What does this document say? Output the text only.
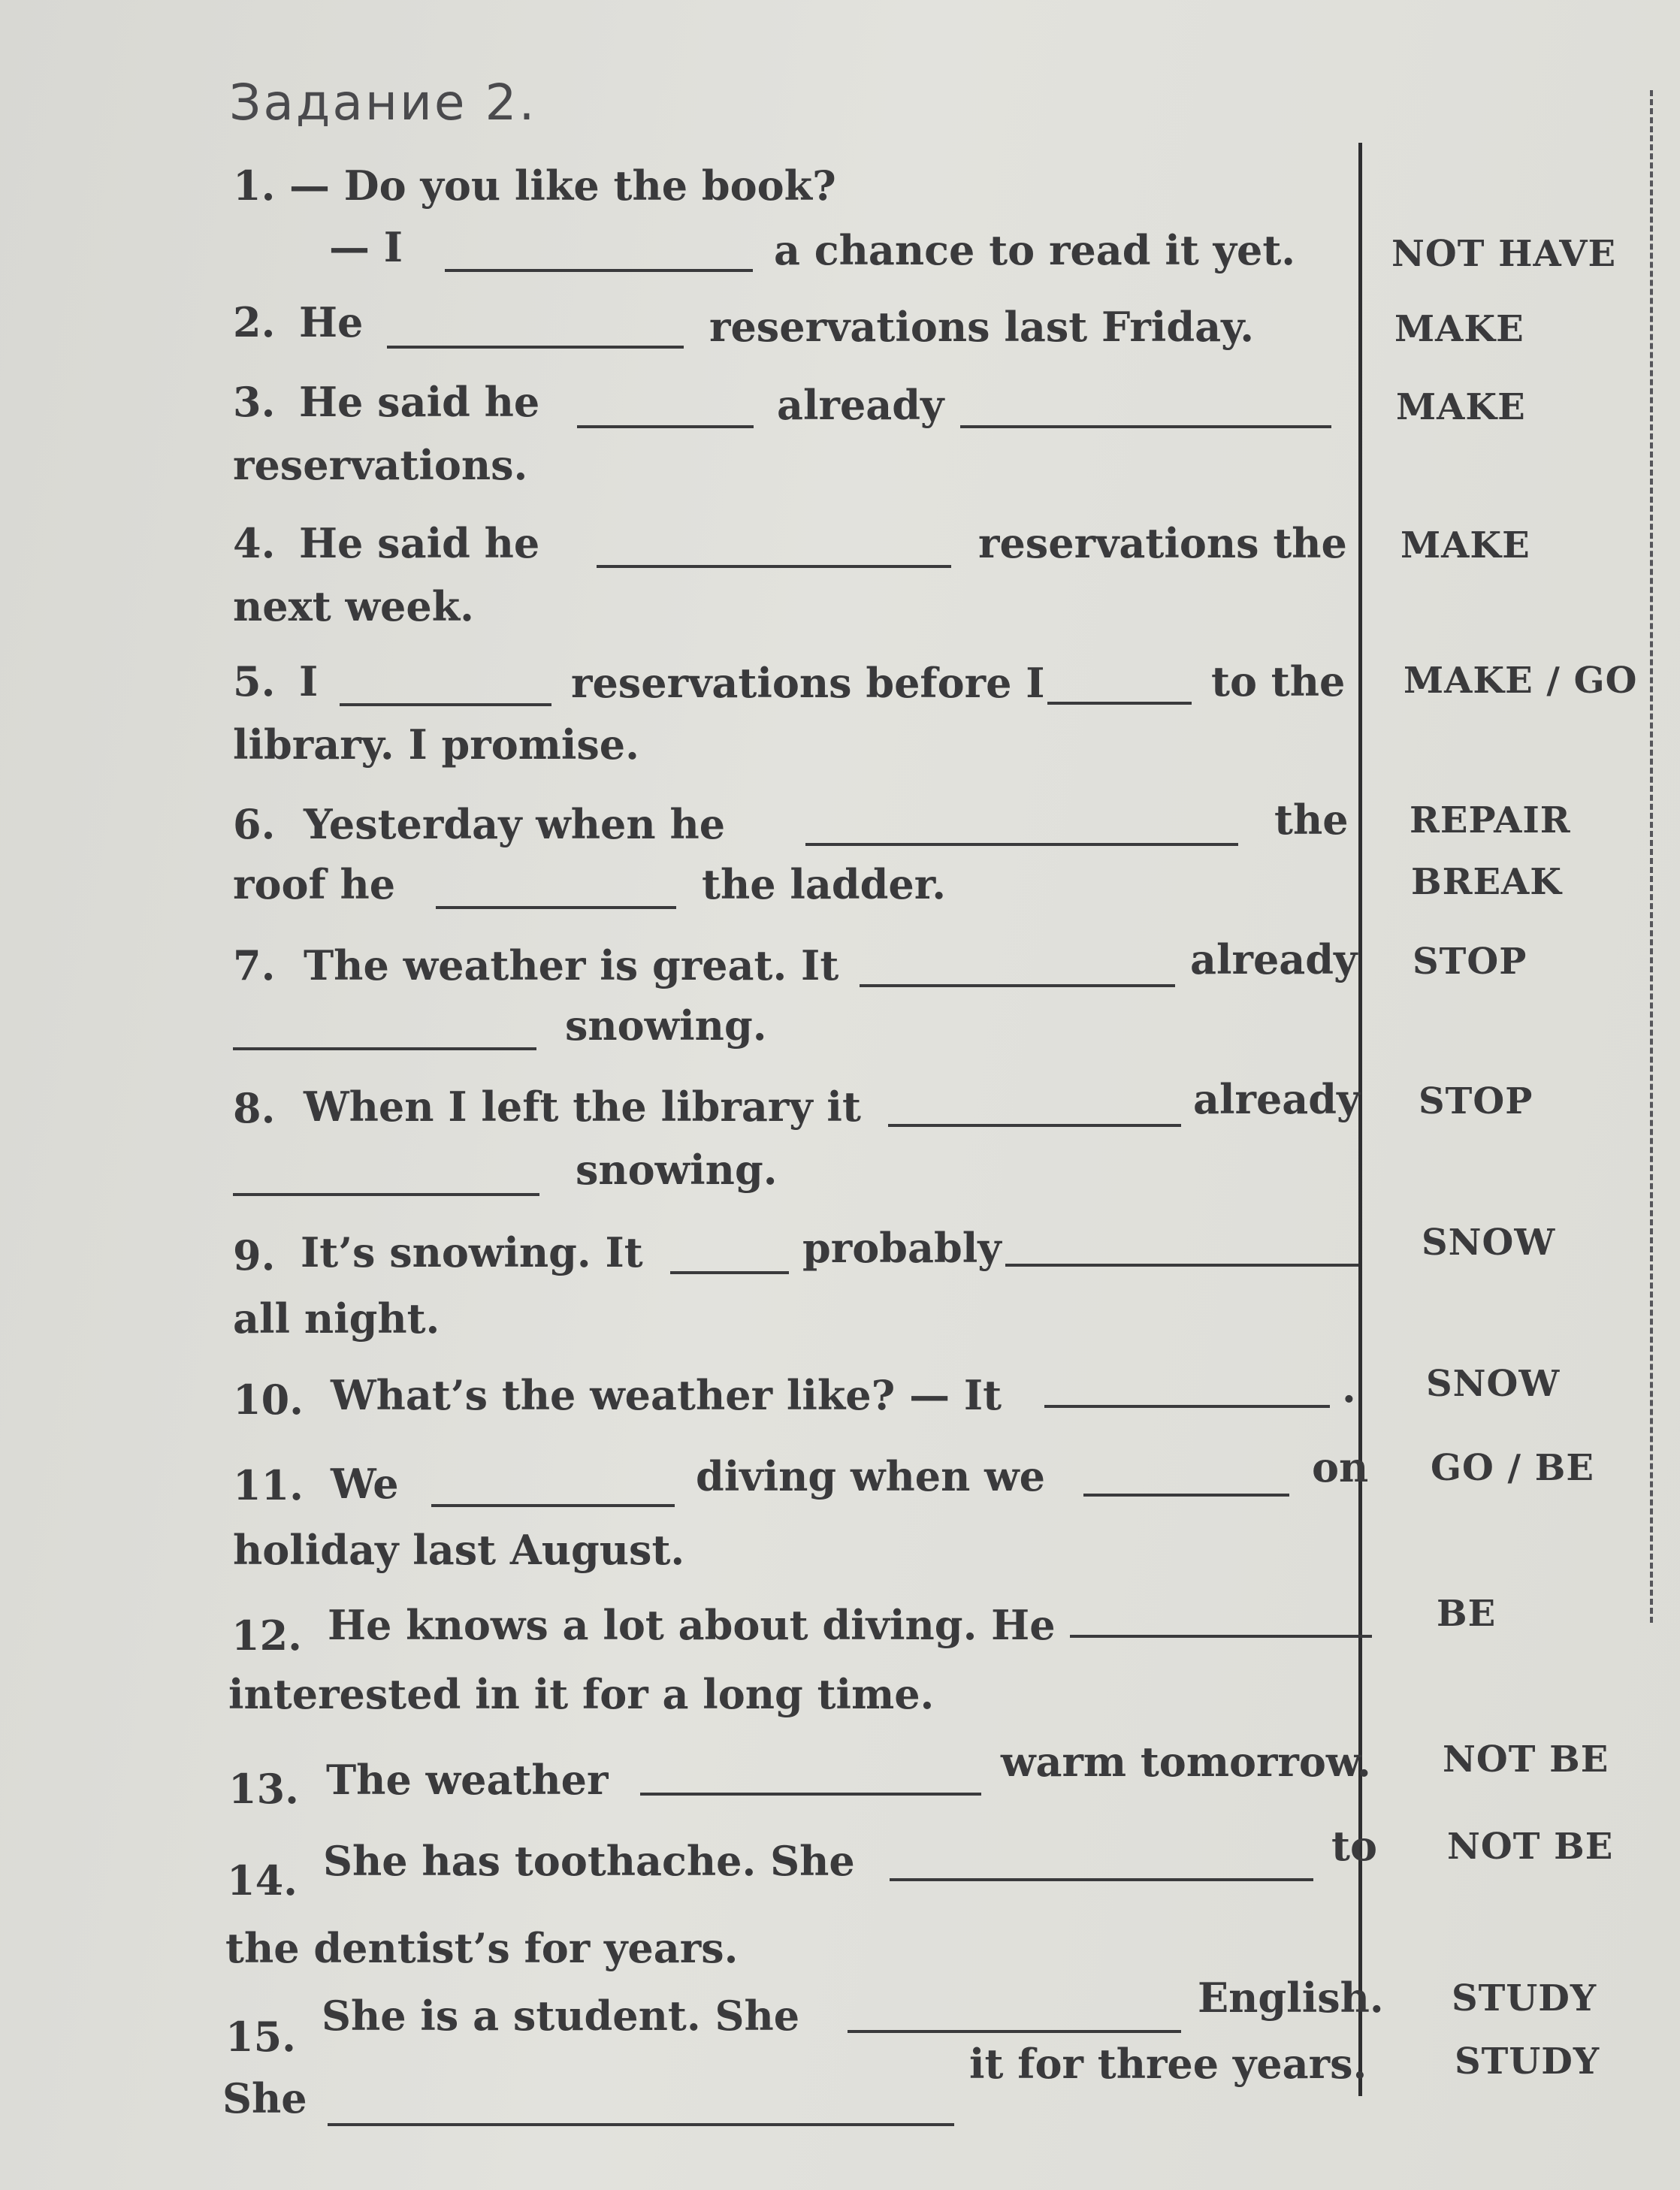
Задание 2.
1. — Do you like the book?
— I	a chance to read it yet.	NOT HAVE
2. He	reservations last Friday.	MAKE
3. He said he	already
reservations.
MAKE
4. He said he	reservations the
next week.
MAKE
5. I	reservations before I	to the
library. I promise.
MAKE / GO
6. Yesterday when he	the
roof he	the ladder.
REPAIR
BREAK
7. The weather is great. It	already
snowing.
STOP
8. When I left the library it	already
snowing.
STOP
9. It’s snowing. It	probably
all night.
SNOW
10. What’s the weather like? — It	. SNOW
11. We	diving when we	on
holiday last August.
GO / BE
12. He knows a lot about diving. He
interested in it for a long time.
BE
13. The weather	warm tomorrow. NOT BE
14. She has toothache. She	to
the dentist’s for years.
NOT BE
15. She is a student. She	English.
She
it for three years.
STUDY
STUDY
